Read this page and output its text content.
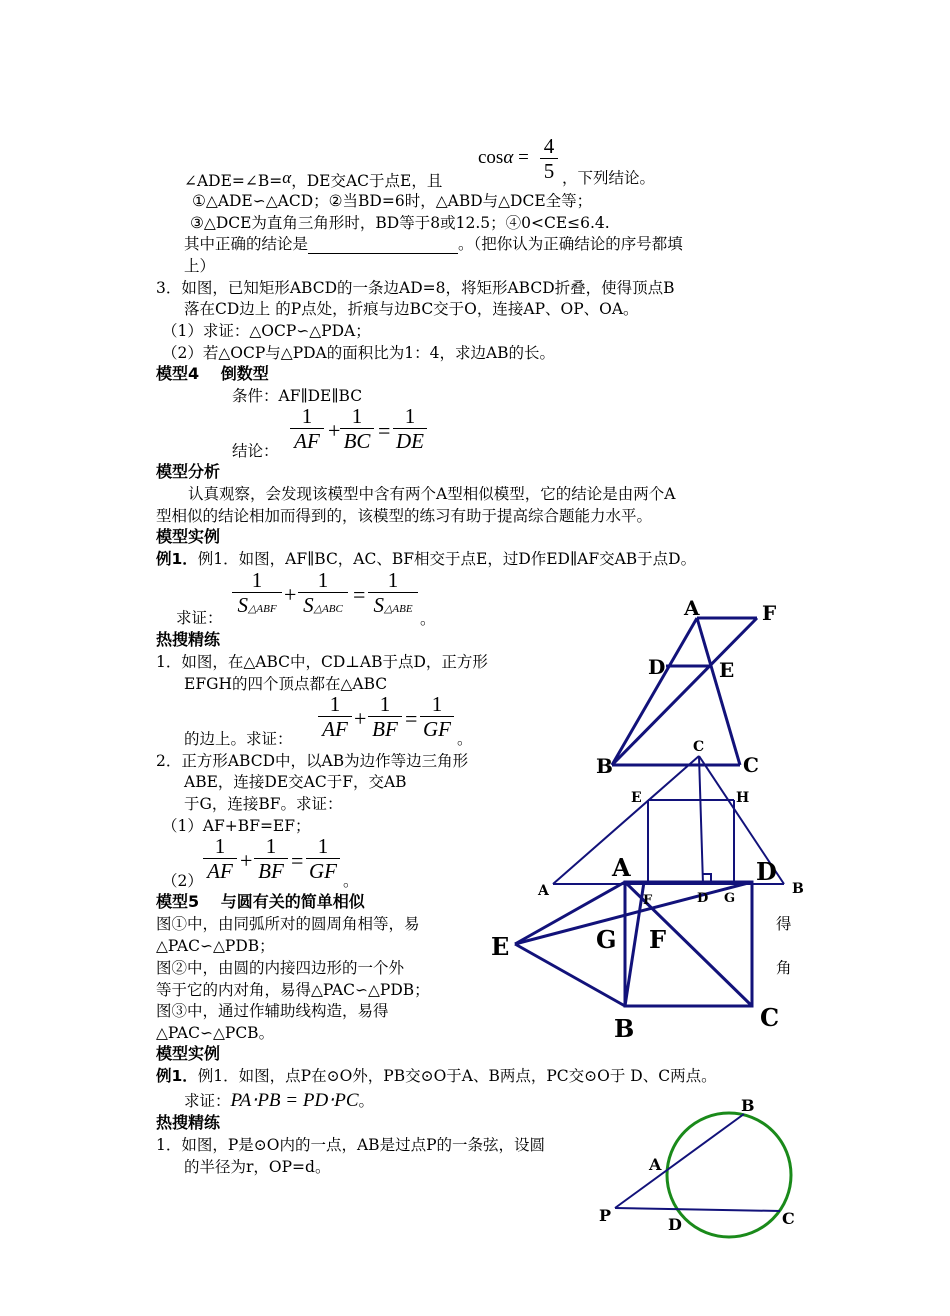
cosα = 4
5
∠ADE=∠B=α，DE交AC于点E，且	，下列结论。
①△ADE∽△ACD；②当BD=6时，△ABD与△DCE全等；
③△DCE为直角三角形时，BD等于8或12.5；④0<CE≤6.4.
其中正确的结论是	。（把你认为正确结论的序号都填
上）
3．如图，已知矩形ABCD的一条边AD=8，将矩形ABCD折叠，使得顶点B
落在CD边上 的P点处，折痕与边BC交于O，连接AP、OP、OA。
（1）求证：△OCP∽△PDA；
（2）若△OCP与△PDA的面积比为1：4，求边AB的长。
模型4　 倒数型
条件：AF∥DE∥BC
结论：
1
AF +
1
BC =
1
DE
模型分析
认真观察，会发现该模型中含有两个A型相似模型，它的结论是由两个A
型相似的结论相加而得到的，该模型的练习有助于提高综合题能力水平。
模型实例
例1．例1．如图，AF∥BC，AC、BF相交于点E，过D作ED∥AF交AB于点D。
求证：
1
S△ABF
+
1
S△ABC
=
1
S△ABE
。
热搜精练
1．如图，在△ABC中，CD⊥AB于点D，正方形
EFGH的四个顶点都在△ABC
的边上。求证：
1
AF +
1
BF =
1
GF 。
2．正方形ABCD中，以AB为边作等边三角形
ABE，连接DE交AC于F，交AB
于G，连接BF。求证：
（1）AF+BF=EF；
（2）
1
AF +
1
BF =
1
GF 。
模型5　 与圆有关的简单相似
图①中，由同弧所对的圆周角相等，易	得
△PAC∽△PDB；
图②中，由圆的内接四边形的一个外	角
等于它的内对角，易得△PAC∽△PDB；
图③中，通过作辅助线构造，易得
△PAC∽△PCB。
模型实例
例1．例1．如图，点P在⊙O外，PB交⊙O于A、B两点，PC交⊙O于 D、C两点。
求证：PA⋅PB = PD⋅PC。
热搜精练
1．如图，P是⊙O内的一点，AB是过点P的一条弦，设圆
的半径为r，OP=d。
A	F
D	E
B	C
C
E	H
A	B
A	D
E	G F
B	C
F	D G
B
A
P	D	C
